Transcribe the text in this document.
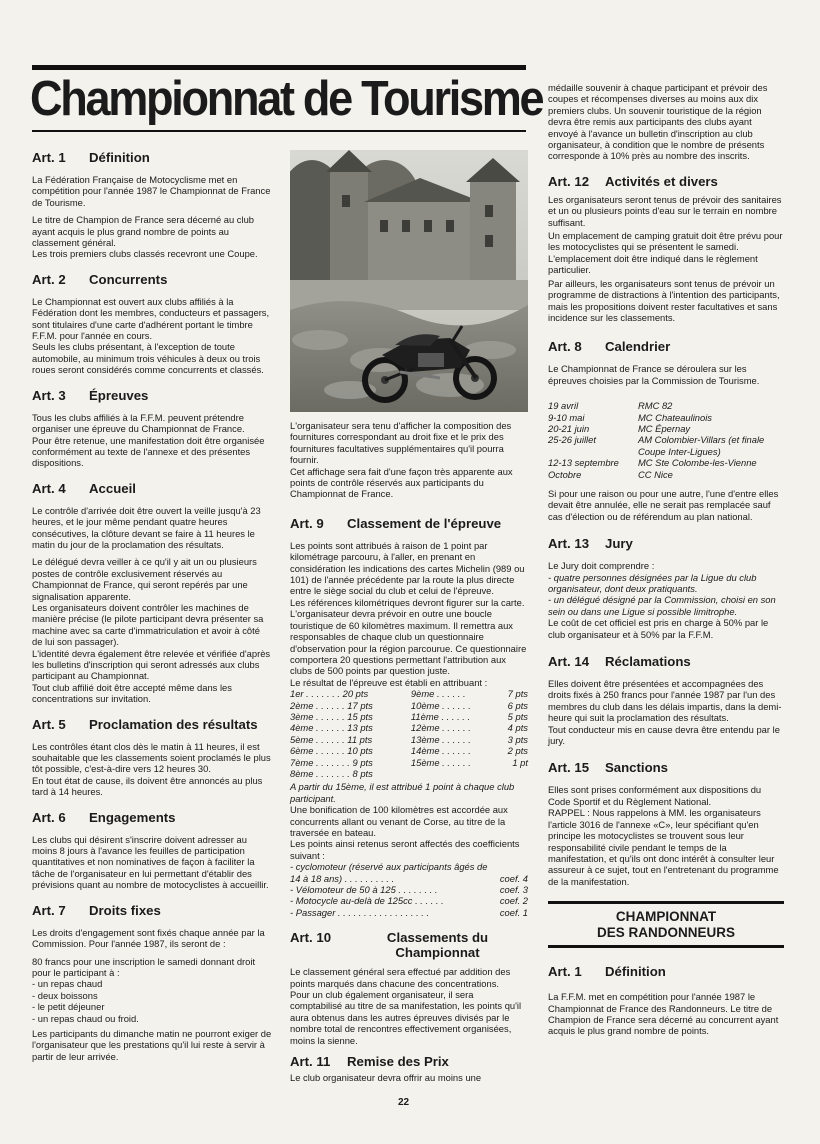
Championnat de Tourisme
Art. 1	Définition

La Fédération Française de Motocyclisme met en compétition pour l'année 1987 le Championnat de France de Tourisme.

Le titre de Champion de France sera décerné au club ayant acquis le plus grand nombre de points au classement général.

Les trois premiers clubs classés recevront une Coupe.

Art. 2	Concurrents

Le Championnat est ouvert aux clubs affiliés à la Fédération dont les membres, conducteurs et passagers, sont titulaires d'une carte d'adhérent portant le timbre F.F.M. pour l'année en cours.

Seuls les clubs présentant, à l'exception de toute automobile, au minimum trois véhicules à deux ou trois roues seront considérés comme concurrents et classés.

Art. 3	Épreuves

Tous les clubs affiliés à la F.F.M. peuvent prétendre organiser une épreuve du Championnat de France.

Pour être retenue, une manifestation doit être organisée conformément au texte de l'annexe et des présentes dispositions.

Art. 4	Accueil

Le contrôle d'arrivée doit être ouvert la veille jusqu'à 23 heures, et le jour même pendant quatre heures consécutives, la clôture devant se faire à 11 heures le matin du jour de la proclamation des résultats.

Le délégué devra veiller à ce qu'il y ait un ou plusieurs postes de contrôle exclusivement réservés au Championnat de France, qui seront repérés par une signalisation apparente.

Les organisateurs doivent contrôler les machines de manière précise (le pilote participant devra présenter sa machine avec sa carte d'immatriculation et avoir à côté de lui son passager).

L'identité devra également être relevée et vérifiée d'après les bulletins d'inscription qui seront adressés aux clubs participant au Championnat.

Tout club affilié doit être accepté même dans les concentrations sur invitation.

Art. 5	Proclamation des résultats

Les contrôles étant clos dès le matin à 11 heures, il est souhaitable que les classements soient proclamés le plus tôt possible, c'est-à-dire vers 12 heures 30.

En tout état de cause, ils doivent être annoncés au plus tard à 14 heures.

Art. 6	Engagements

Les clubs qui désirent s'inscrire doivent adresser au moins 8 jours à l'avance les feuilles de participation quantitatives et non nominatives de façon à faciliter la tâche de l'organisateur en lui permettant d'établir des prévisions quant au nombre de motocyclistes à accueillir.

Art. 7	Droits fixes

Les droits d'engagement sont fixés chaque année par la Commission. Pour l'année 1987, ils seront de :

80 francs pour une inscription le samedi donnant droit pour le participant à :

- un repas chaud
- deux boissons
- le petit déjeuner
- un repas chaud ou froid.

Les participants du dimanche matin ne pourront exiger de l'organisateur que les prestations qu'il lui reste à servir à partir de leur arrivée.

L'organisateur sera tenu d'afficher la composition des fournitures correspondant au droit fixe et le prix des fournitures facultatives supplémentaires qu'il pourra fournir.

Cet affichage sera fait d'une façon très apparente aux points de contrôle réservés aux participants du Championnat de France.

Art. 9	Classement de l'épreuve

Les points sont attribués à raison de 1 point par kilométrage parcouru, à l'aller, en prenant en considération les indications des cartes Michelin (989 ou 101) de l'année précédente par la route la plus directe entre le siège social du club et celui de l'épreuve.

Les références kilométriques devront figurer sur la carte.

L'organisateur devra prévoir en outre une boucle touristique de 60 kilomètres maximum. Il remettra aux responsables de chaque club un questionnaire d'observation pour la région parcourue. Ce questionnaire comportera 20 questions permettant l'attribution aux clubs de 500 points par question juste.

Le résultat de l'épreuve est établi en attribuant :

1er . . . . . . . 20 pts	9ème . . . . . .	7 pts
2ème . . . . . . 17 pts	10ème . . . . . .	6 pts
3ème . . . . . . 15 pts	11ème . . . . . .	5 pts
4ème . . . . . . 13 pts	12ème . . . . . .	4 pts
5ème . . . . . . 11 pts	13ème . . . . . .	3 pts
6ème . . . . . . 10 pts	14ème . . . . . .	2 pts
7ème . . . . . . . 9 pts	15ème . . . . . .	1 pt
8ème . . . . . . . 8 pts		

A partir du 15ème, il est attribué 1 point à chaque club participant.

Une bonification de 100 kilomètres est accordée aux concurrents allant ou venant de Corse, au titre de la traversée en bateau.

Les points ainsi retenus seront affectés des coefficients suivant :

- cyclomoteur (réservé aux participants âgés de 14 à 18 ans) . . . . . . . . . .	coef. 4
- Vélomoteur de 50 à 125 . . . . . . . .	coef. 3
- Motocycle au-delà de 125cc . . . . . .	coef. 2
- Passager . . . . . . . . . . . . . . . . . .	coef. 1
Art. 10	Classements du Championnat

Le classement général sera effectué par addition des points marqués dans chacune des concentrations.

Pour un club également organisateur, il sera comptabilisé au titre de sa manifestation, les points qu'il aura obtenus dans les autres épreuves divisés par le nombre total de rencontres effectivement organisées, moins la sienne.

Art. 11	Remise des Prix

Le club organisateur devra offrir au moins une

médaille souvenir à chaque participant et prévoir des coupes et récompenses diverses au moins aux dix premiers clubs. Un souvenir touristique de la région devra être remis aux participants des clubs ayant envoyé à l'avance un bulletin d'inscription au club organisateur, à condition que le nombre de présents corresponde à 10% près au nombre des inscrits.

Art. 12	Activités et divers

Les organisateurs seront tenus de prévoir des sanitaires et un ou plusieurs points d'eau sur le terrain en nombre suffisant.

Un emplacement de camping gratuit doit être prévu pour les motocyclistes qui se présentent le samedi. L'emplacement doit être indiqué dans le règlement particulier.

Par ailleurs, les organisateurs sont tenus de prévoir un programme de distractions à l'intention des participants, mais les propositions doivent rester facultatives et sans incidence sur les classements.

Art. 8	Calendrier

Le Championnat de France se déroulera sur les épreuves choisies par la Commission de Tourisme.

19 avril	RMC 82
9-10 mai	MC Chateaulinois
20-21 juin	MC Épernay
25-26 juillet	AM Colombier-Villars (et finale Coupe Inter-Ligues)
12-13 septembre	MC Ste Colombe-les-Vienne
Octobre	CC Nice

Si pour une raison ou pour une autre, l'une d'entre elles devait être annulée, elle ne serait pas remplacée sauf cas d'élection ou de référendum au plan national.

Art. 13	Jury

Le Jury doit comprendre :

- quatre personnes désignées par la Ligue du club organisateur, dont deux pratiquants.
- un délégué désigné par la Commission, choisi en son sein ou dans une Ligue si possible limitrophe.

Le coût de cet officiel est pris en charge à 50% par le club organisateur et à 50% par la F.F.M.

Art. 14	Réclamations

Elles doivent être présentées et accompagnées des droits fixés à 250 francs pour l'année 1987 par l'un des membres du club dans les délais impartis, dans la demi-heure qui suit la proclamation des résultats.

Tout conducteur mis en cause devra être entendu par le jury.

Art. 15	Sanctions

Elles sont prises conformément aux dispositions du Code Sportif et du Règlement National.

RAPPEL : Nous rappelons à MM. les organisateurs l'article 3016 de l'annexe «C», leur spécifiant qu'en principe les motocyclistes se trouvent sous leur responsabilité civile pendant le temps de la manifestation, et qu'ils ont donc intérêt à consulter leur assureur à ce sujet, tout en l'entretenant du programme de la manifestation.

CHAMPIONNAT
DES RANDONNEURS
Art. 1	Définition

La F.F.M. met en compétition pour l'année 1987 le Championnat de France des Randonneurs. Le titre de Champion de France sera décerné au concurrent ayant acquis le plus grand nombre de points.

22
